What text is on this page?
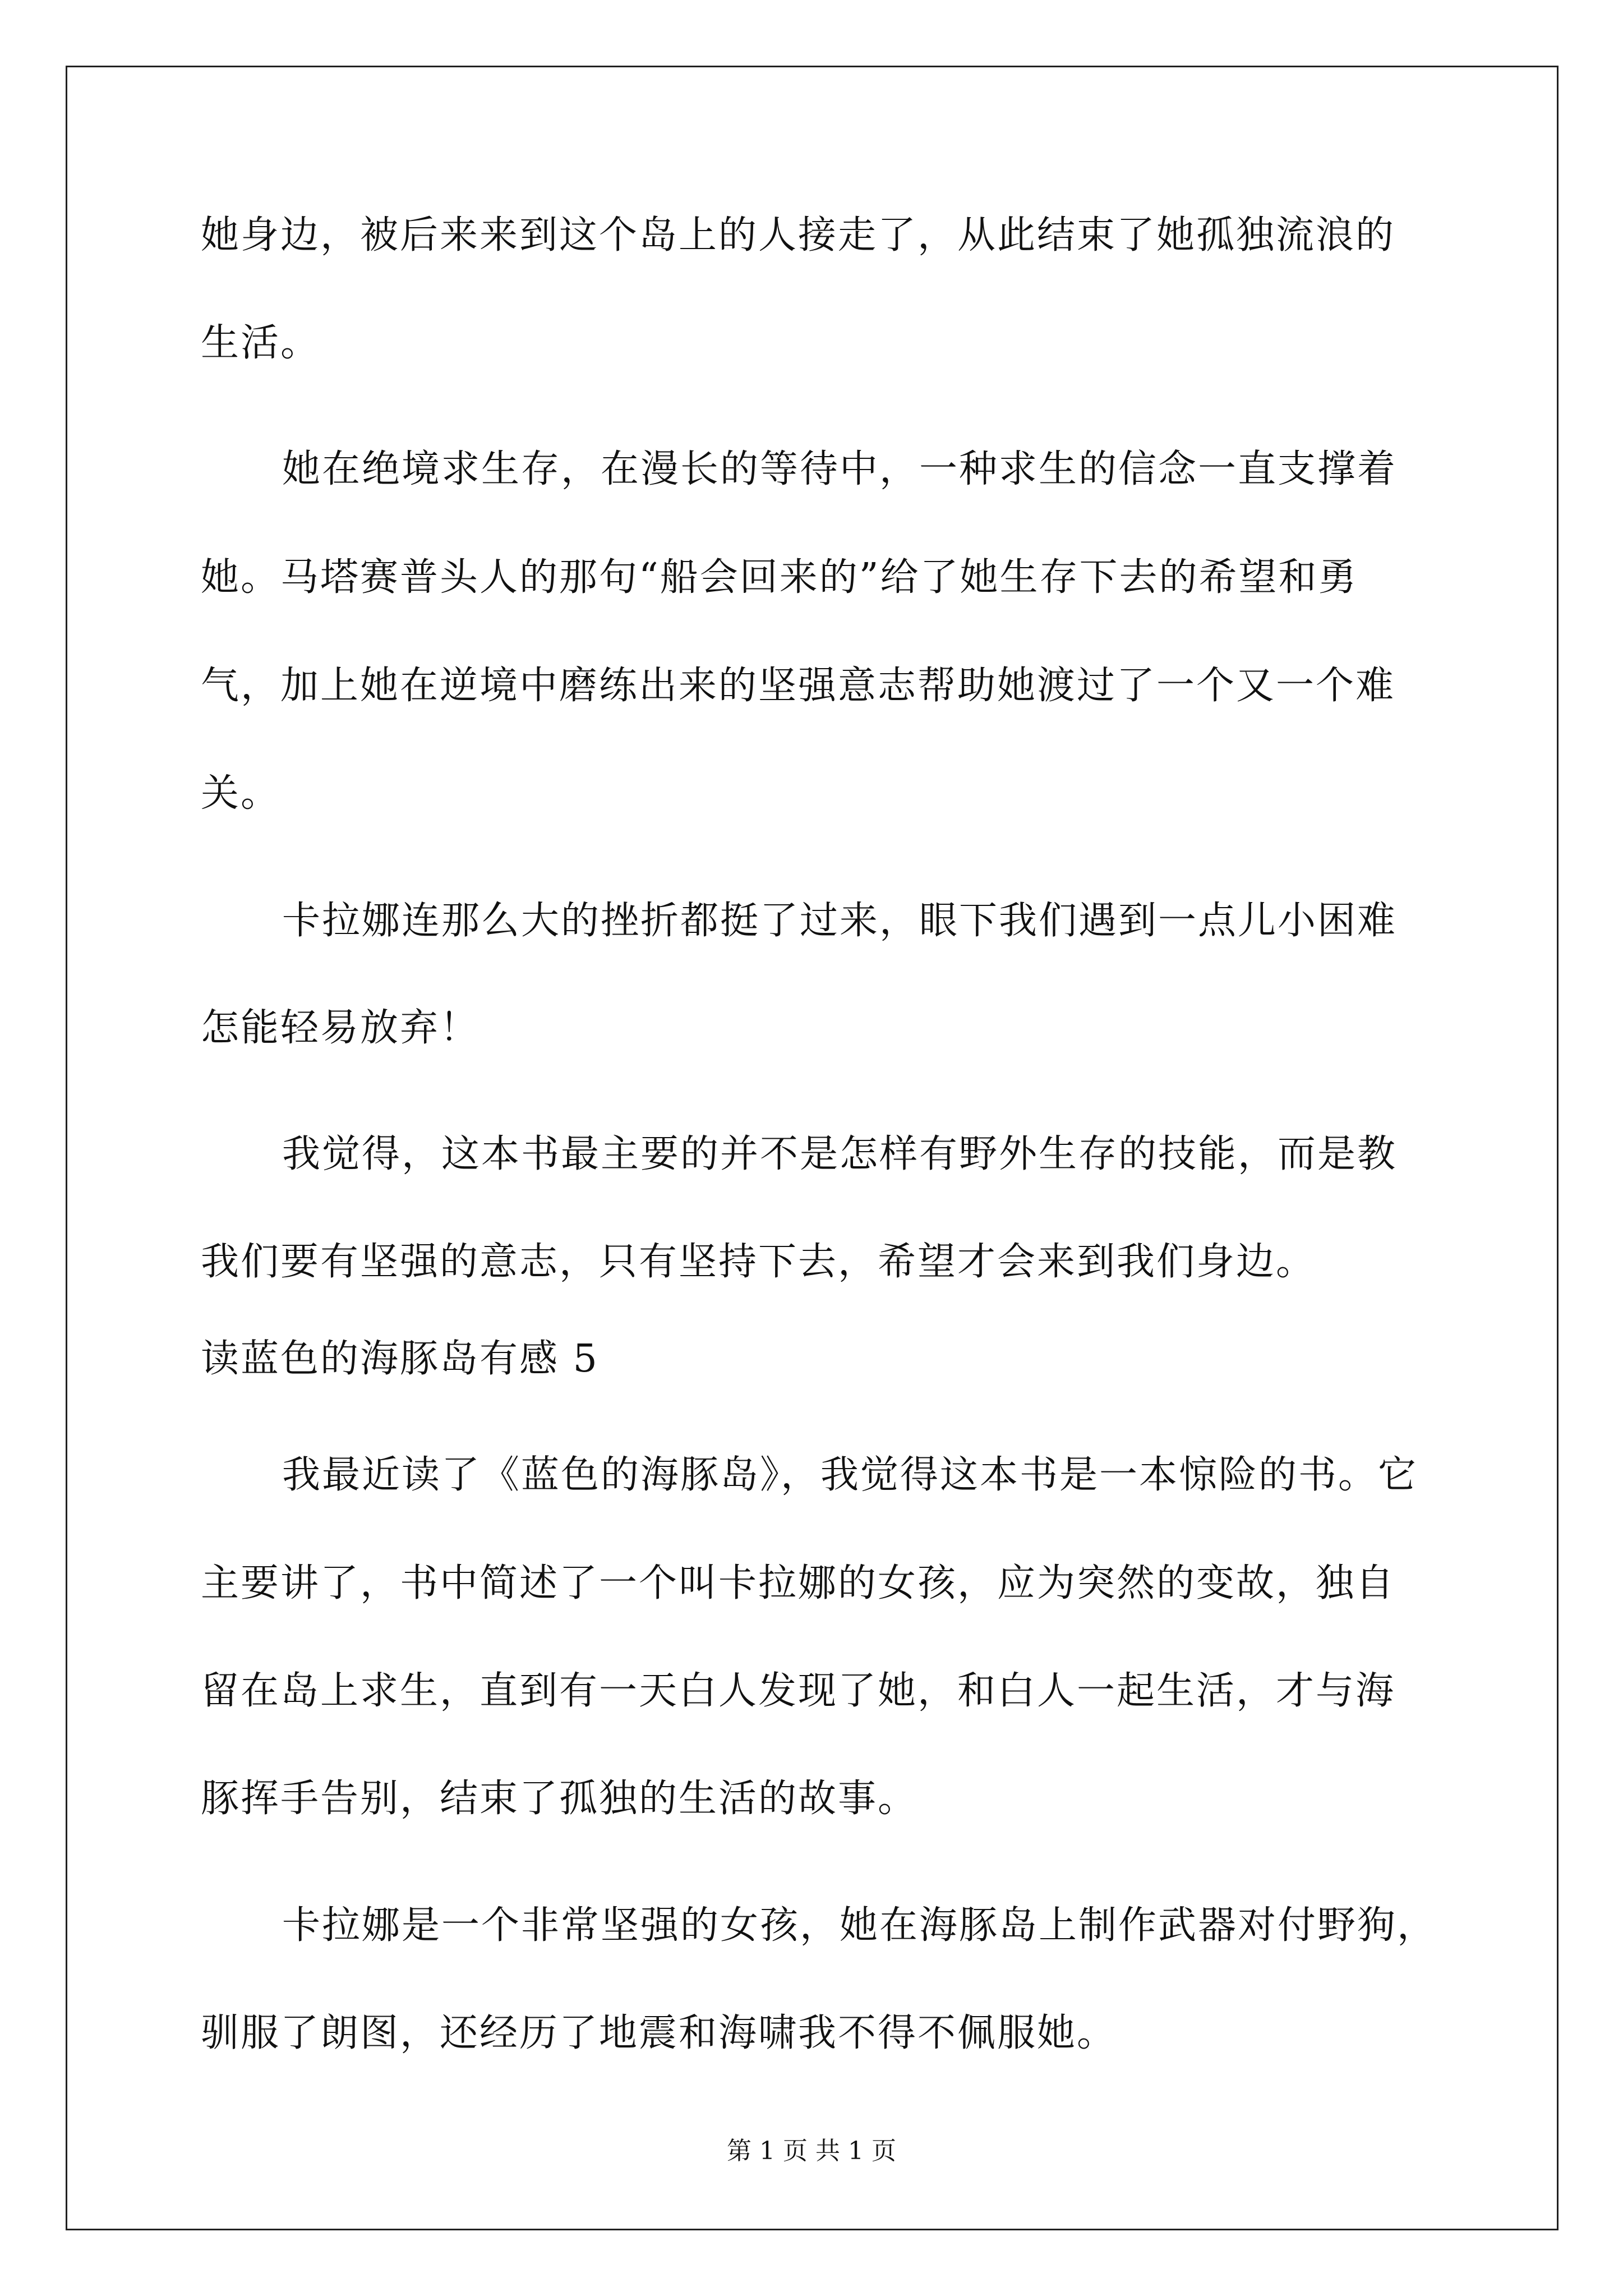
她身边，被后来来到这个岛上的人接走了，从此结束了她孤独流浪的
生活。
她在绝境求生存，在漫长的等待中，一种求生的信念一直支撑着
她。马塔赛普头人的那句“船会回来的”给了她生存下去的希望和勇
气，加上她在逆境中磨练出来的坚强意志帮助她渡过了一个又一个难
关。
卡拉娜连那么大的挫折都挺了过来，眼下我们遇到一点儿小困难
怎能轻易放弃！
我觉得，这本书最主要的并不是怎样有野外生存的技能，而是教
我们要有坚强的意志，只有坚持下去，希望才会来到我们身边。
读蓝色的海豚岛有感 5
我最近读了《蓝色的海豚岛》，我觉得这本书是一本惊险的书。它
主要讲了，书中简述了一个叫卡拉娜的女孩，应为突然的变故，独自
留在岛上求生，直到有一天白人发现了她，和白人一起生活，才与海
豚挥手告别，结束了孤独的生活的故事。
卡拉娜是一个非常坚强的女孩，她在海豚岛上制作武器对付野狗，
驯服了朗图，还经历了地震和海啸我不得不佩服她。
第 1 页 共 1 页
